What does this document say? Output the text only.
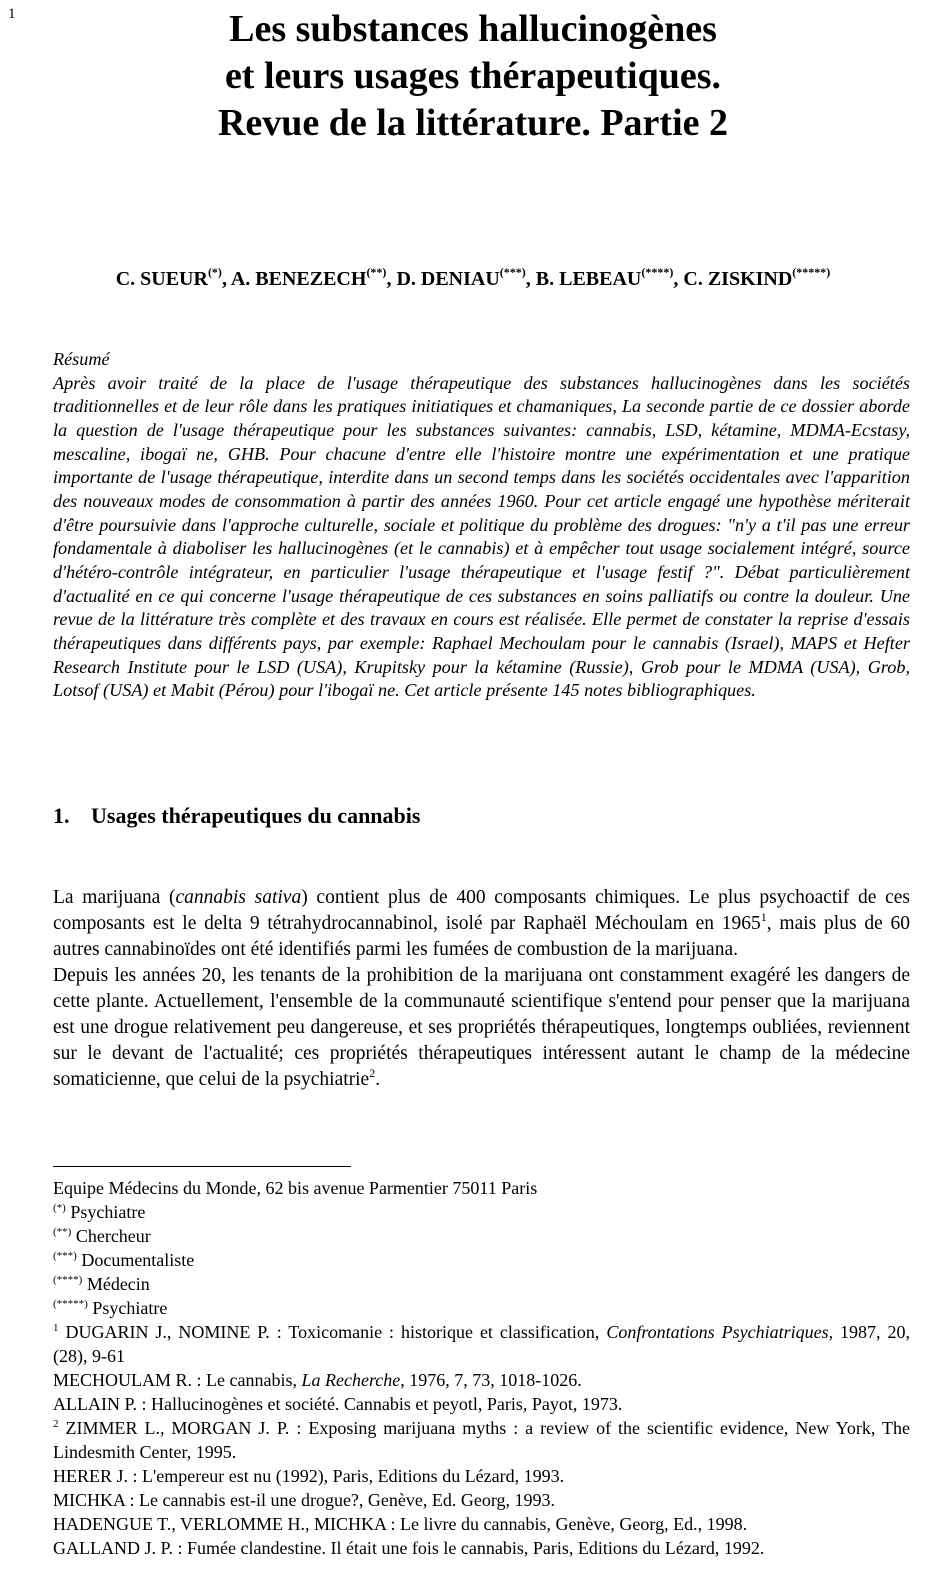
1	Les substances hallucinogènes
et leurs usages thérapeutiques.
Revue de la littérature. Partie 2
C. SUEUR(*), A. BENEZECH(**), D. DENIAU(***), B. LEBEAU(****), C. ZISKIND(*****)

Résumé

Après avoir traité de la place de l'usage thérapeutique des substances hallucinogènes dans les sociétés traditionnelles et de leur rôle dans les pratiques initiatiques et chamaniques, La seconde partie de ce dossier aborde la question de l'usage thérapeutique pour les substances suivantes: cannabis, LSD, kétamine, MDMA-Ecstasy, mescaline, ibogaï ne, GHB. Pour chacune d'entre elle l'histoire montre une expérimentation et une pratique importante de l'usage thérapeutique, interdite dans un second temps dans les sociétés occidentales avec l'apparition des nouveaux modes de consommation à partir des années 1960. Pour cet article engagé une hypothèse mériterait d'être poursuivie dans l'approche culturelle, sociale et politique du problème des drogues: "n'y a t'il pas une erreur fondamentale à diaboliser les hallucinogènes (et le cannabis) et à empêcher tout usage socialement intégré, source d'hétéro-contrôle intégrateur, en particulier l'usage thérapeutique et l'usage festif ?". Débat particulièrement d'actualité en ce qui concerne l'usage thérapeutique de ces substances en soins palliatifs ou contre la douleur. Une revue de la littérature très complète et des travaux en cours est réalisée. Elle permet de constater la reprise d'essais thérapeutiques dans différents pays, par exemple: Raphael Mechoulam pour le cannabis (Israel), MAPS et Hefter Research Institute pour le LSD (USA), Krupitsky pour la kétamine (Russie), Grob pour le MDMA (USA), Grob, Lotsof (USA) et Mabit (Pérou) pour l'ibogaï ne. Cet article présente 145 notes bibliographiques.

1. Usages thérapeutiques du cannabis

La marijuana (cannabis sativa) contient plus de 400 composants chimiques. Le plus psychoactif de ces composants est le delta 9 tétrahydrocannabinol, isolé par Raphaël Méchoulam en 1965$^1$, mais plus de 60 autres cannabinoïdes ont été identifiés parmi les fumées de combustion de la marijuana.

Depuis les années 20, les tenants de la prohibition de la marijuana ont constamment exagéré les dangers de cette plante. Actuellement, l'ensemble de la communauté scientifique s'entend pour penser que la marijuana est une drogue relativement peu dangereuse, et ses propriétés thérapeutiques, longtemps oubliées, reviennent sur le devant de l'actualité; ces propriétés thérapeutiques intéressent autant le champ de la médecine somaticienne, que celui de la psychiatrie$^2$.

Equipe Médecins du Monde, 62 bis avenue Parmentier 75011 Paris

(*) Psychiatre

(**) Chercheur

(***) Documentaliste

(****) Médecin

(*****) Psychiatre

$^1$ DUGARIN J., NOMINE P. : Toxicomanie : historique et classification, Confrontations Psychiatriques, 1987, 20, (28), 9-61

MECHOULAM R. : Le cannabis, La Recherche, 1976, 7, 73, 1018-1026.

ALLAIN P. : Hallucinogènes et société. Cannabis et peyotl, Paris, Payot, 1973.

$^2$ ZIMMER L., MORGAN J. P. : Exposing marijuana myths : a review of the scientific evidence, New York, The Lindesmith Center, 1995.

HERER J. : L'empereur est nu (1992), Paris, Editions du Lézard, 1993.

MICHKA : Le cannabis est-il une drogue?, Genève, Ed. Georg, 1993.

HADENGUE T., VERLOMME H., MICHKA : Le livre du cannabis, Genève, Georg, Ed., 1998.

GALLAND J. P. : Fumée clandestine. Il était une fois le cannabis, Paris, Editions du Lézard, 1992.
